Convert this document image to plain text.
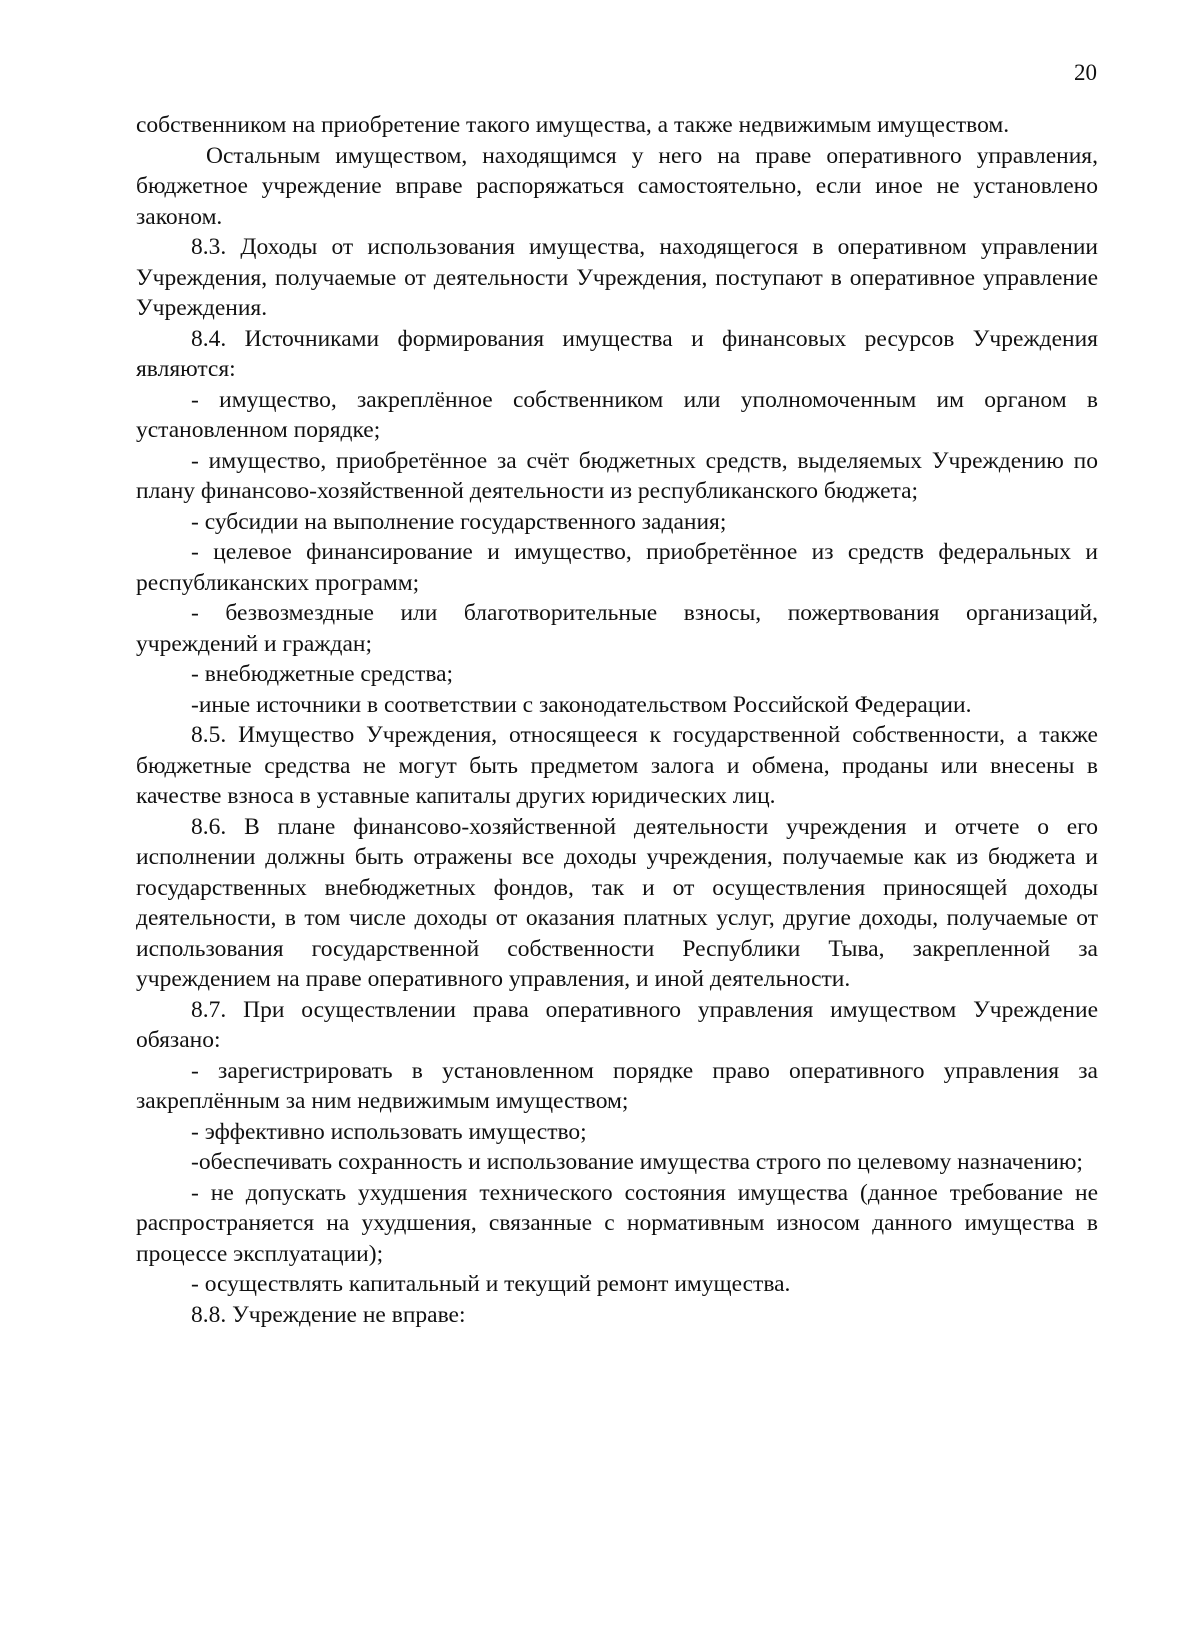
20

собственником на приобретение такого имущества, а также недвижимым имуществом.

Остальным имуществом, находящимся у него на праве оперативного управления, бюджетное учреждение вправе распоряжаться самостоятельно, если иное не установлено законом.

8.3. Доходы от использования имущества, находящегося в оперативном управлении Учреждения, получаемые от деятельности Учреждения, поступают в оперативное управление Учреждения.

8.4. Источниками формирования имущества и финансовых ресурсов Учреждения являются:

- имущество, закреплённое собственником или уполномоченным им органом в установленном порядке;

- имущество, приобретённое за счёт бюджетных средств, выделяемых Учреждению по плану финансово-хозяйственной деятельности из республиканского бюджета;

- субсидии на выполнение государственного задания;

- целевое финансирование и имущество, приобретённое из средств федеральных и республиканских программ;

- безвозмездные или благотворительные взносы, пожертвования организаций, учреждений и граждан;

- внебюджетные средства;

-иные источники в соответствии с законодательством Российской Федерации.

8.5. Имущество Учреждения, относящееся к государственной собственности, а также бюджетные средства не могут быть предметом залога и обмена, проданы или внесены в качестве взноса в уставные капиталы других юридических лиц.

8.6. В плане финансово-хозяйственной деятельности учреждения и отчете о его исполнении должны быть отражены все доходы учреждения, получаемые как из бюджета и государственных внебюджетных фондов, так и от осуществления приносящей доходы деятельности, в том числе доходы от оказания платных услуг, другие доходы, получаемые от использования государственной собственности Республики Тыва, закрепленной за учреждением на праве оперативного управления, и иной деятельности.

8.7. При осуществлении права оперативного управления имуществом Учреждение обязано:

- зарегистрировать в установленном порядке право оперативного управления за закреплённым за ним недвижимым имуществом;

- эффективно использовать имущество;

-обеспечивать сохранность и использование имущества строго по целевому назначению;

- не допускать ухудшения технического состояния имущества (данное требование не распространяется на ухудшения, связанные с нормативным износом данного имущества в процессе эксплуатации);

- осуществлять капитальный и текущий ремонт имущества.

8.8. Учреждение не вправе:
